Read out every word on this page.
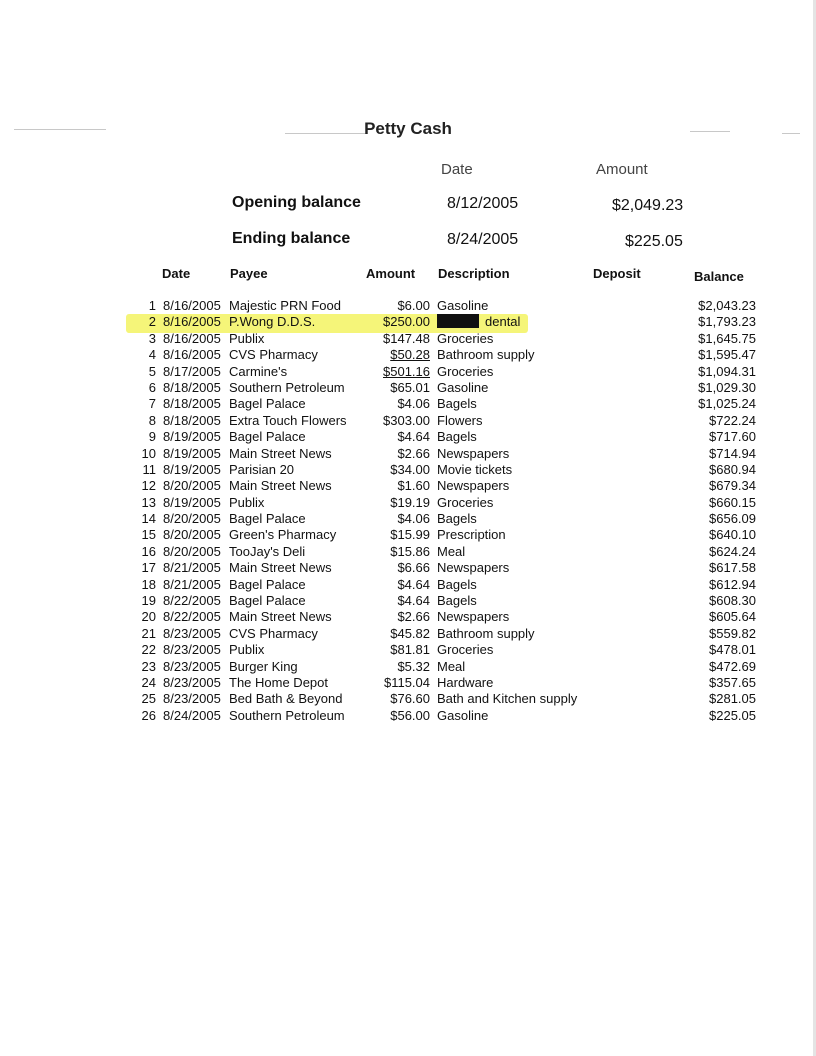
Petty Cash
Date	Amount
Opening balance	8/12/2005	$2,049.23
Ending balance	8/24/2005	$225.05
Date	Payee	Amount Description	Deposit	Balance
1 8/16/2005 Majestic PRN Food	$6.00 Gasoline	$2,043.23
2 8/16/2005 P.Wong D.D.S.	$250.00	dental	$1,793.23
3 8/16/2005 Publix	$147.48 Groceries	$1,645.75
4 8/16/2005 CVS Pharmacy	$50.28 Bathroom supply	$1,595.47
5 8/17/2005 Carmine's	$501.16 Groceries	$1,094.31
6 8/18/2005 Southern Petroleum	$65.01 Gasoline	$1,029.30
7 8/18/2005 Bagel Palace	$4.06 Bagels	$1,025.24
8 8/18/2005 Extra Touch Flowers	$303.00 Flowers	$722.24
9 8/19/2005 Bagel Palace	$4.64 Bagels	$717.60
10 8/19/2005 Main Street News	$2.66 Newspapers	$714.94
11 8/19/2005 Parisian 20	$34.00 Movie tickets	$680.94
12 8/20/2005 Main Street News	$1.60 Newspapers	$679.34
13 8/19/2005 Publix	$19.19 Groceries	$660.15
14 8/20/2005 Bagel Palace	$4.06 Bagels	$656.09
15 8/20/2005 Green's Pharmacy	$15.99 Prescription	$640.10
16 8/20/2005 TooJay's Deli	$15.86 Meal	$624.24
17 8/21/2005 Main Street News	$6.66 Newspapers	$617.58
18 8/21/2005 Bagel Palace	$4.64 Bagels	$612.94
19 8/22/2005 Bagel Palace	$4.64 Bagels	$608.30
20 8/22/2005 Main Street News	$2.66 Newspapers	$605.64
21 8/23/2005 CVS Pharmacy	$45.82 Bathroom supply	$559.82
22 8/23/2005 Publix	$81.81 Groceries	$478.01
23 8/23/2005 Burger King	$5.32 Meal	$472.69
24 8/23/2005 The Home Depot	$115.04 Hardware	$357.65
25 8/23/2005 Bed Bath & Beyond	$76.60 Bath and Kitchen supply	$281.05
26 8/24/2005 Southern Petroleum	$56.00 Gasoline	$225.05
